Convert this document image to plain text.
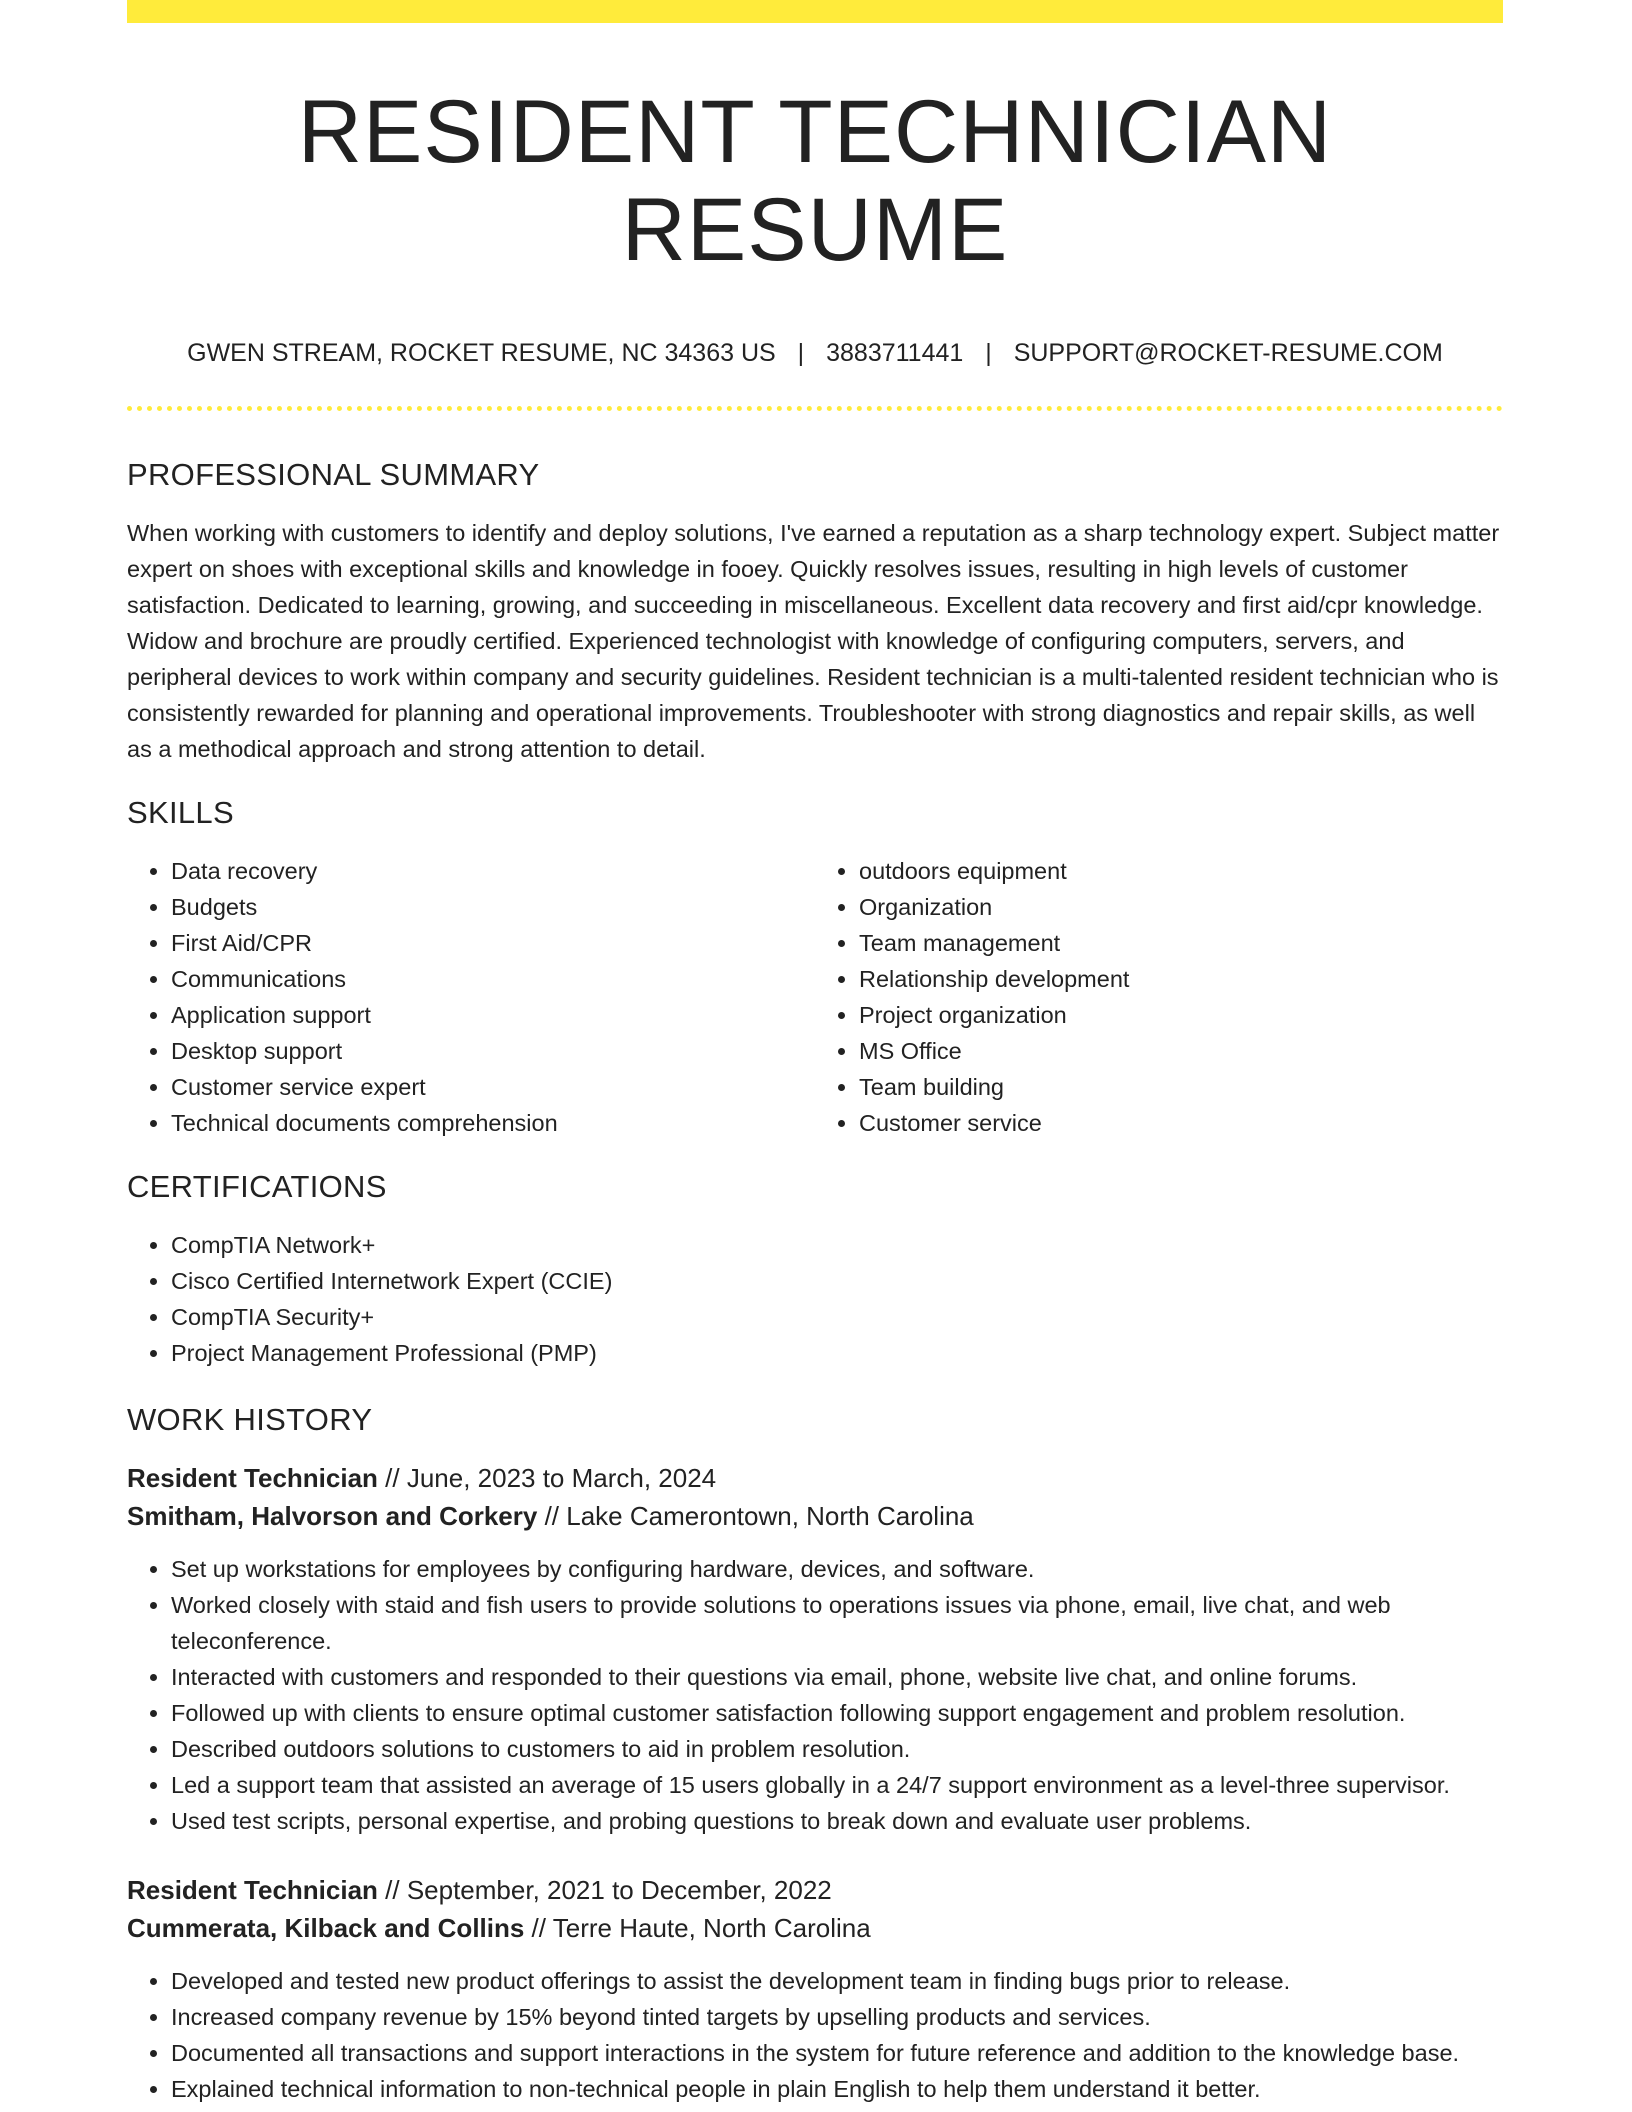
RESIDENT TECHNICIAN RESUME
GWEN STREAM, ROCKET RESUME, NC 34363 US | 3883711441 | SUPPORT@ROCKET-RESUME.COM
PROFESSIONAL SUMMARY

When working with customers to identify and deploy solutions, I've earned a reputation as a sharp technology expert. Subject matter expert on shoes with exceptional skills and knowledge in fooey. Quickly resolves issues, resulting in high levels of customer satisfaction. Dedicated to learning, growing, and succeeding in miscellaneous. Excellent data recovery and first aid/cpr knowledge. Widow and brochure are proudly certified. Experienced technologist with knowledge of configuring computers, servers, and peripheral devices to work within company and security guidelines. Resident technician is a multi-talented resident technician who is consistently rewarded for planning and operational improvements. Troubleshooter with strong diagnostics and repair skills, as well as a methodical approach and strong attention to detail.

SKILLS
• Data recovery
• Budgets
• First Aid/CPR
• Communications
• Application support
• Desktop support
• Customer service expert
• Technical documents comprehension
• outdoors equipment
• Organization
• Team management
• Relationship development
• Project organization
• MS Office
• Team building
• Customer service
CERTIFICATIONS
• CompTIA Network+
• Cisco Certified Internetwork Expert (CCIE)
• CompTIA Security+
• Project Management Professional (PMP)
WORK HISTORY
Resident Technician // June, 2023 to March, 2024
Smitham, Halvorson and Corkery // Lake Camerontown, North Carolina
• Set up workstations for employees by configuring hardware, devices, and software.
• Worked closely with staid and fish users to provide solutions to operations issues via phone, email, live chat, and web teleconference.
• Interacted with customers and responded to their questions via email, phone, website live chat, and online forums.
• Followed up with clients to ensure optimal customer satisfaction following support engagement and problem resolution.
• Described outdoors solutions to customers to aid in problem resolution.
• Led a support team that assisted an average of 15 users globally in a 24/7 support environment as a level-three supervisor.
• Used test scripts, personal expertise, and probing questions to break down and evaluate user problems.
Resident Technician // September, 2021 to December, 2022
Cummerata, Kilback and Collins // Terre Haute, North Carolina
• Developed and tested new product offerings to assist the development team in finding bugs prior to release.
• Increased company revenue by 15% beyond tinted targets by upselling products and services.
• Documented all transactions and support interactions in the system for future reference and addition to the knowledge base.
• Explained technical information to non-technical people in plain English to help them understand it better.
